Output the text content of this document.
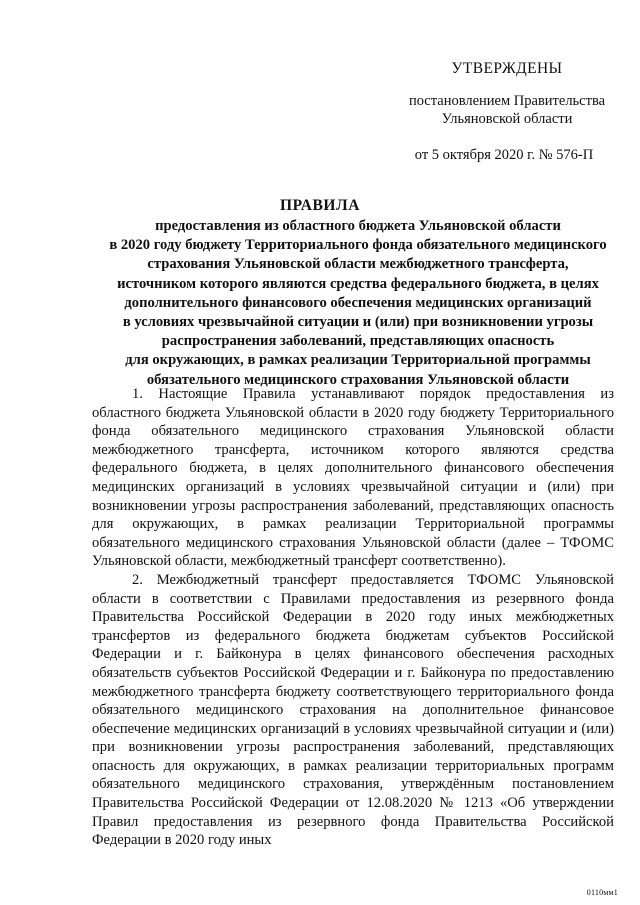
УТВЕРЖДЕНЫ
постановлением Правительства
Ульяновской области
от 5 октября 2020 г. № 576-П
ПРАВИЛА
предоставления из областного бюджета Ульяновской области
в 2020 году бюджету Территориального фонда обязательного медицинского
страхования Ульяновской области межбюджетного трансферта,
источником которого являются средства федерального бюджета, в целях
дополнительного финансового обеспечения медицинских организаций
в условиях чрезвычайной ситуации и (или) при возникновении угрозы
распространения заболеваний, представляющих опасность
для окружающих, в рамках реализации Территориальной программы
обязательного медицинского страхования Ульяновской области

1. Настоящие Правила устанавливают порядок предоставления из областного бюджета Ульяновской области в 2020 году бюджету Территориального фонда обязательного медицинского страхования Ульяновской области межбюджетного трансферта, источником которого являются средства федерального бюджета, в целях дополнительного финансового обеспечения медицинских организаций в условиях чрезвычайной ситуации и (или) при возникновении угрозы распространения заболеваний, представляющих опасность для окружающих, в рамках реализации Территориальной программы обязательного медицинского страхования Ульяновской области (далее – ТФОМС Ульяновской области, межбюджетный трансферт соответственно).

2. Межбюджетный трансферт предоставляется ТФОМС Ульяновской области в соответствии с Правилами предоставления из резервного фонда Правительства Российской Федерации в 2020 году иных межбюджетных трансфертов из федерального бюджета бюджетам субъектов Российской Федерации и г. Байконура в целях финансового обеспечения расходных обязательств субъектов Российской Федерации и г. Байконура по предоставлению межбюджетного трансферта бюджету соответствующего территориального фонда обязательного медицинского страхования на дополнительное финансовое обеспечение медицинских организаций в условиях чрезвычайной ситуации и (или) при возникновении угрозы распространения заболеваний, представляющих опасность для окружающих, в рамках реализации территориальных программ обязательного медицинского страхования, утверждённым постановлением Правительства Российской Федерации от 12.08.2020 № 1213 «Об утверждении Правил предоставления из резервного фонда Правительства Российской Федерации в 2020 году иных

0110мм1
